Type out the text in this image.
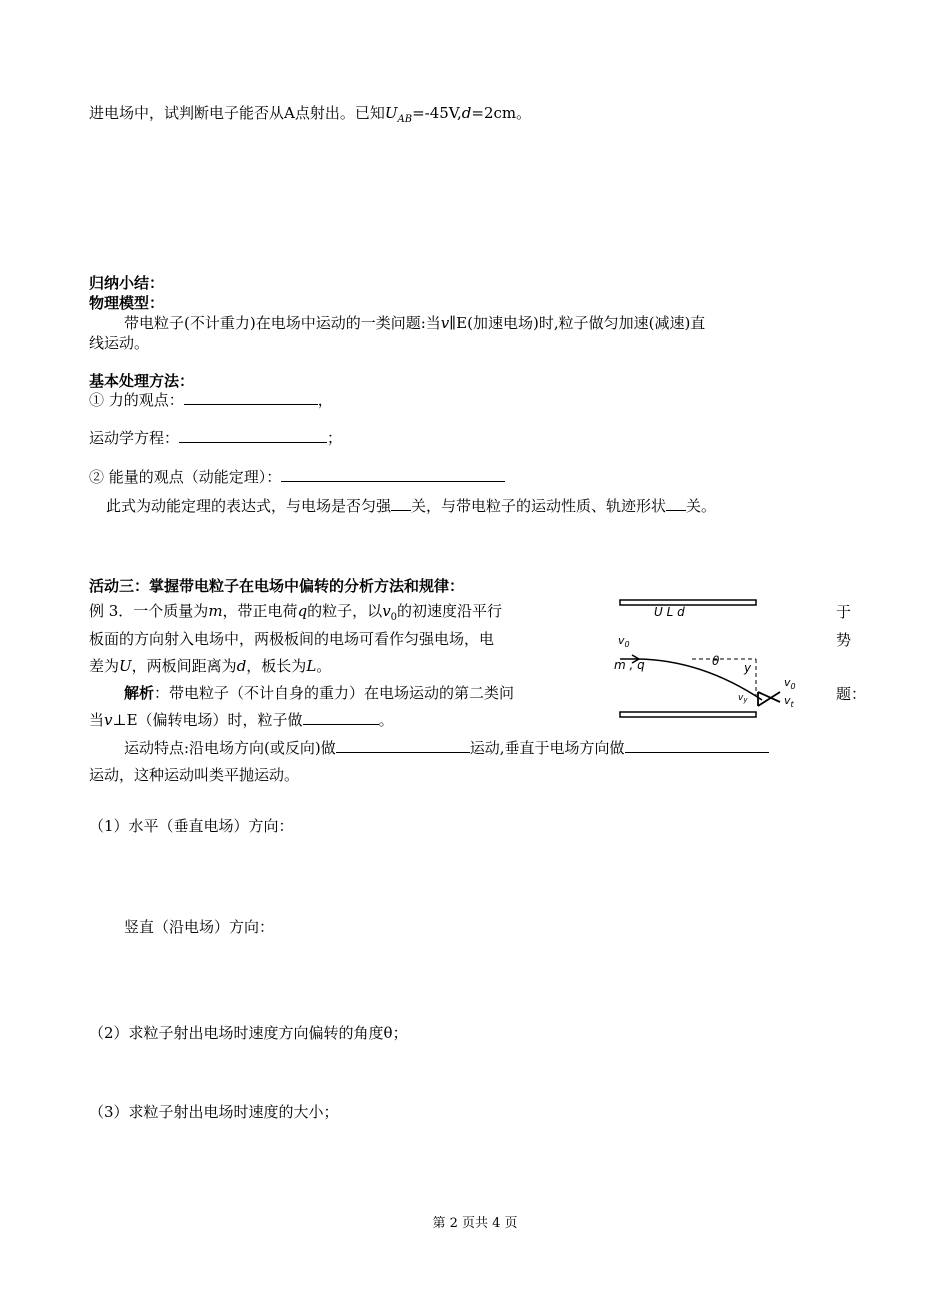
进电场中，试判断电子能否从A点射出。已知$U_{AB}=-45V,d=2cm$。
归纳小结：
物理模型：
带电粒子(不计重力)在电场中运动的一类问题:当v∥E(加速电场)时,粒子做匀加速(减速)直
线运动。
基本处理方法：
① 力的观点：	，
运动学方程：	；
② 能量的观点（动能定理）：
此式为动能定理的表达式，与电场是否匀强 关，与带电粒子的运动性质、轨迹形状 关。
活动三：掌握带电粒子在电场中偏转的分析方法和规律：
例 3．一个质量为m，带正电荷q的粒子，以$v_0$的初速度沿平行
板面的方向射入电场中，两极板间的电场可看作匀强电场，电
差为U，两板间距离为d，板长为L。
解析：带电粒子（不计自身的重力）在电场运动的第二类问
当v⊥E（偏转电场）时，粒子做	。
于
势
题：
U L d
$v_0$
m , q	θ y
$v_y$
$v_0$
$v_t$
运动特点:沿电场方向(或反向)做	运动,垂直于电场方向做
运动，这种运动叫类平抛运动。
（1）水平（垂直电场）方向：
竖直（沿电场）方向：
（2）求粒子射出电场时速度方向偏转的角度θ；
（3）求粒子射出电场时速度的大小；
第 2 页共 4 页
